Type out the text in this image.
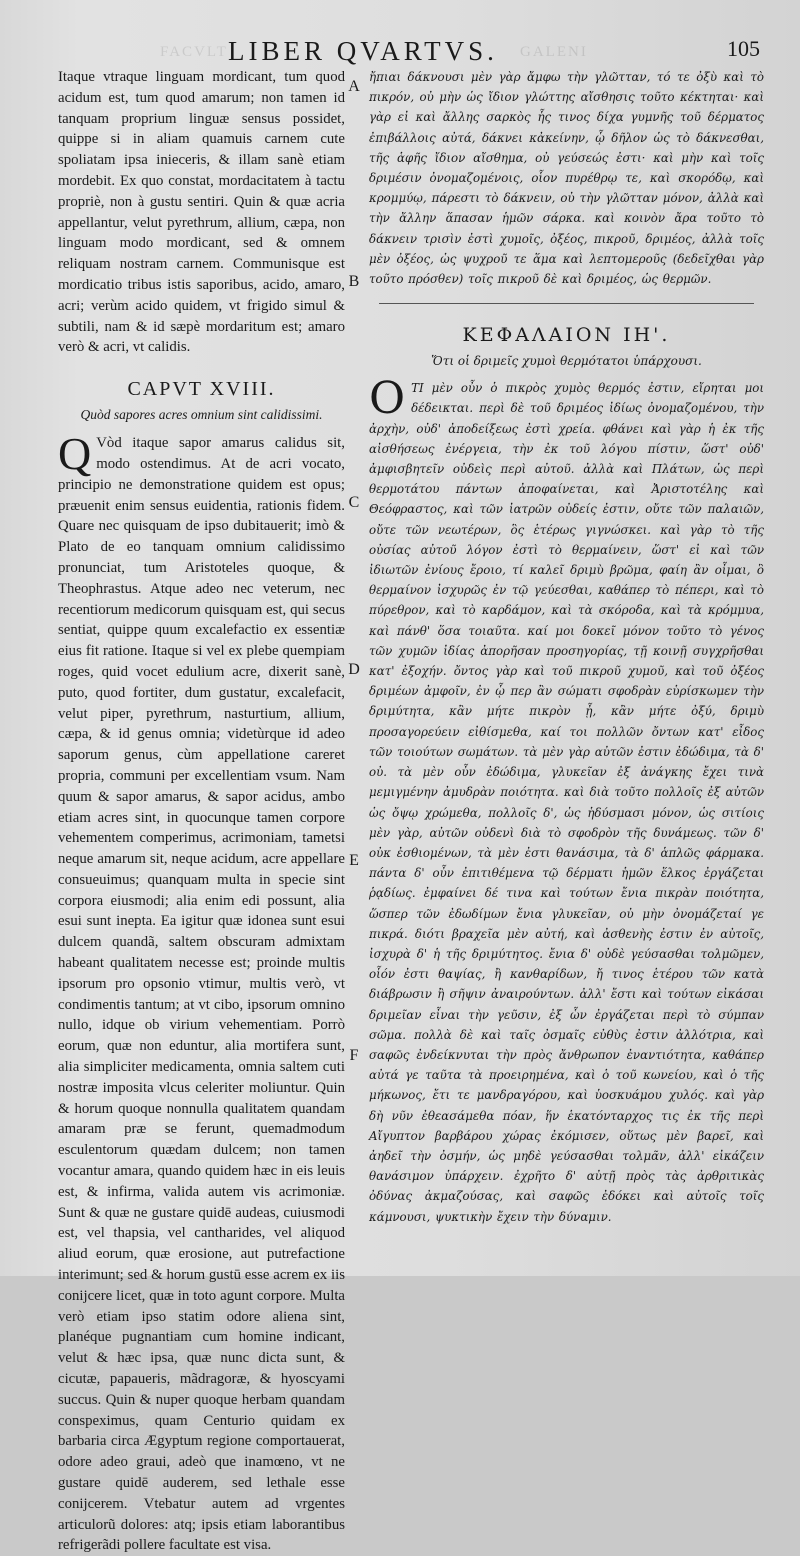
FACVLT	GALENI
LIBER QVARTVS.	105

Itaque vtraque linguam mordicant, tum quod acidum est, tum quod amarum; non tamen id tanquam proprium linguæ sensus possidet, quippe si in aliam quamuis carnem cute spoliatam ipsa inieceris, & illam sanè etiam mordebit. Ex quo constat, mordacitatem à tactu propriè, non à gustu sentiri. Quin & quæ acria appellantur, velut pyrethrum, allium, cæpa, non linguam modo mordicant, sed & omnem reliquam nostram carnem. Communisque est mordicatio tribus istis saporibus, acido, amaro, acri; verùm acido quidem, vt frigido simul & subtili, nam & id sæpè mordaritum est; amaro verò & acri, vt calidis.

CAPVT XVIII.
Quòd sapores acres omnium sint calidissimi.
Q Vòd itaque sapor amarus calidus sit, modo ostendimus. At de acri vocato, principio ne demonstratione quidem est opus; præuenit enim sensus euidentia, rationis fidem. Quare nec quisquam de ipso dubitauerit; imò & Plato de eo tanquam omnium calidissimo pronunciat, tum Aristoteles quoque, & Theophrastus. Atque adeo nec veterum, nec recentiorum medicorum quisquam est, qui secus sentiat, quippe quum excalefactio ex essentiæ eius fit ratione. Itaque si vel ex plebe quempiam roges, quid vocet edulium acre, dixerit sanè, puto, quod fortiter, dum gustatur, excalefacit, velut piper, pyrethrum, nasturtium, allium, cæpa, & id genus omnia; videtùrque id adeo saporum genus, cùm appellatione careret propria, communi per excellentiam vsum. Nam quum & sapor amarus, & sapor acidus, ambo etiam acres sint, in quocunque tamen corpore vehementem comperimus, acrimoniam, tametsi neque amarum sit, neque acidum, acre appellare consueuimus; quanquam multa in specie sint corpora eiusmodi; alia enim edi possunt, alia esui sunt inepta. Ea igitur quæ idonea sunt esui dulcem quandã, saltem obscuram admixtam habeant qualitatem necesse est; proinde multis ipsorum pro opsonio vtimur, multis verò, vt condimentis tantum; at vt cibo, ipsorum omnino nullo, idque ob virium vehementiam. Porrò eorum, quæ non eduntur, alia mortifera sunt, alia simpliciter medicamenta, omnia saltem cuti nostræ imposita vlcus celeriter moliuntur. Quin & horum quoque nonnulla qualitatem quandam amaram præ se ferunt, quemadmodum esculentorum quædam dulcem; non tamen vocantur amara, quando quidem hæc in eis leuis est, & infirma, valida autem vis acrimoniæ. Sunt & quæ ne gustare quidē audeas, cuiusmodi est, vel thapsia, vel cantharides, vel aliquod aliud eorum, quæ erosione, aut putrefactione interimunt; sed & horum gustū esse acrem ex iis conijcere licet, quæ in toto agunt corpore. Multa verò etiam ipso statim odore aliena sint, planéque pugnantiam cum homine indicant, velut & hæc ipsa, quæ nunc dicta sunt, & cicutæ, papaueris, mãdragoræ, & hyoscyami succus. Quin & nuper quoque herbam quandam conspeximus, quam Centurio quidam ex barbaria circa Ægyptum regione comportauerat, odore adeo graui, adeò que inamœno, vt ne gustare quidē auderem, sed lethale esse conijcerem. Vtebatur autem ad vrgentes articulorũ dolores: atq; ipsis etiam laborantibus refrigerãdi pollere facultate est visa.

A
B
C
D
E
F

ἤπιαι δάκνουσι μὲν γὰρ ἄμφω τὴν γλῶτταν, τό τε ὀξὺ καὶ τὸ πικρόν, οὐ μὴν ὡς ἴδιον γλώττης αἴσθησις τοῦτο κέκτηται· καὶ γὰρ εἰ καὶ ἄλλης σαρκὸς ἧς τινος δίχα γυμνῆς τοῦ δέρματος ἐπιβάλλοις αὐτά, δάκνει κἀκείνην, ᾧ δῆλον ὡς τὸ δάκνεσθαι, τῆς ἁφῆς ἴδιον αἴσθημα, οὐ γεύσεώς ἐστι· καὶ μὴν καὶ τοῖς δριμέσιν ὀνομαζομένοις, οἷον πυρέθρῳ τε, καὶ σκορόδῳ, καὶ κρομμύῳ, πάρεστι τὸ δάκνειν, οὐ τὴν γλῶτταν μόνον, ἀλλὰ καὶ τὴν ἄλλην ἅπασαν ἡμῶν σάρκα. καὶ κοινὸν ἄρα τοῦτο τὸ δάκνειν τρισὶν ἐστὶ χυμοῖς, ὀξέος, πικροῦ, δριμέος, ἀλλὰ τοῖς μὲν ὀξέος, ὡς ψυχροῦ τε ἅμα καὶ λεπτομεροῦς (δεδεῖχθαι γὰρ τοῦτο πρόσθεν) τοῖς πικροῦ δὲ καὶ δριμέος, ὡς θερμῶν.

ΚΕΦΑΛΑΙΟΝ ΙΗ'.
Ὅτι οἱ δριμεῖς χυμοὶ θερμότατοι ὑπάρχουσι.
Ο ΤΙ μὲν οὖν ὁ πικρὸς χυμὸς θερμός ἐστιν, εἴρηται μοι δέδεικται. περὶ δὲ τοῦ δριμέος ἰδίως ὀνομαζομένου, τὴν ἀρχὴν, οὐδ' ἀποδείξεως ἐστὶ χρεία. φθάνει καὶ γὰρ ἡ ἐκ τῆς αἰσθήσεως ἐνέργεια, τὴν ἐκ τοῦ λόγου πίστιν, ὥστ' οὐδ' ἀμφισβητεῖν οὐδεὶς περὶ αὐτοῦ. ἀλλὰ καὶ Πλάτων, ὡς περὶ θερμοτάτου πάντων ἀποφαίνεται, καὶ Ἀριστοτέλης καὶ Θεόφραστος, καὶ τῶν ἰατρῶν οὐδείς ἐστιν, οὔτε τῶν παλαιῶν, οὔτε τῶν νεωτέρων, ὃς ἑτέρως γιγνώσκει. καὶ γὰρ τὸ τῆς οὐσίας αὐτοῦ λόγον ἐστὶ τὸ θερμαίνειν, ὥστ' εἰ καὶ τῶν ἰδιωτῶν ἐνίους ἔροιο, τί καλεῖ δριμὺ βρῶμα, φαίη ἂν οἶμαι, ὃ θερμαίνον ἰσχυρῶς ἐν τῷ γεύεσθαι, καθάπερ τὸ πέπερι, καὶ τὸ πύρεθρον, καὶ τὸ καρδάμον, καὶ τὰ σκόροδα, καὶ τὰ κρόμμυα, καὶ πάνθ' ὅσα τοιαῦτα. καί μοι δοκεῖ μόνον τοῦτο τὸ γένος τῶν χυμῶν ἰδίας ἀπορῆσαν προσηγορίας, τῇ κοινῇ συγχρῆσθαι κατ' ἐξοχήν. ὄντος γὰρ καὶ τοῦ πικροῦ χυμοῦ, καὶ τοῦ ὀξέος δριμέων ἀμφοῖν, ἐν ᾧ περ ἂν σώματι σφοδρὰν εὑρίσκωμεν τὴν δριμύτητα, κἂν μήτε πικρὸν ᾖ, κἂν μήτε ὀξύ, δριμὺ προσαγορεύειν εἰθίσμεθα, καί τοι πολλῶν ὄντων κατ' εἶδος τῶν τοιούτων σωμάτων. τὰ μὲν γὰρ αὐτῶν ἐστιν ἐδώδιμα, τὰ δ' οὐ. τὰ μὲν οὖν ἐδώδιμα, γλυκεῖαν ἐξ ἀνάγκης ἔχει τινὰ μεμιγμένην ἀμυδρὰν ποιότητα. καὶ διὰ τοῦτο πολλοῖς ἐξ αὐτῶν ὡς ὄψῳ χρώμεθα, πολλοῖς δ', ὡς ἡδύσμασι μόνον, ὡς σιτίοις μὲν γὰρ, αὐτῶν οὐδενὶ διὰ τὸ σφοδρὸν τῆς δυνάμεως. τῶν δ' οὐκ ἐσθιομένων, τὰ μὲν ἐστι θανάσιμα, τὰ δ' ἁπλῶς φάρμακα. πάντα δ' οὖν ἐπιτιθέμενα τῷ δέρματι ἡμῶν ἕλκος ἐργάζεται ῥᾳδίως. ἐμφαίνει δέ τινα καὶ τούτων ἔνια πικρὰν ποιότητα, ὥσπερ τῶν ἐδωδίμων ἔνια γλυκεῖαν, οὐ μὴν ὀνομάζεταί γε πικρά. διότι βραχεῖα μὲν αὐτή, καὶ ἀσθενὴς ἐστιν ἐν αὐτοῖς, ἰσχυρὰ δ' ἡ τῆς δριμύτητος. ἔνια δ' οὐδὲ γεύσασθαι τολμῶμεν, οἷόν ἐστι θαψίας, ἢ κανθαρίδων, ἤ τινος ἑτέρου τῶν κατὰ διάβρωσιν ἢ σῆψιν ἀναιρούντων. ἀλλ' ἔστι καὶ τούτων εἰκάσαι δριμεῖαν εἶναι τὴν γεῦσιν, ἐξ ὧν ἐργάζεται περὶ τὸ σύμπαν σῶμα. πολλὰ δὲ καὶ ταῖς ὀσμαῖς εὐθὺς ἐστιν ἀλλότρια, καὶ σαφῶς ἐνδείκνυται τὴν πρὸς ἄνθρωπον ἐναντιότητα, καθάπερ αὐτά γε ταῦτα τὰ προειρημένα, καὶ ὁ τοῦ κωνείου, καὶ ὁ τῆς μήκωνος, ἔτι τε μανδραγόρου, καὶ ὑοσκυάμου χυλός. καὶ γὰρ δὴ νῦν ἐθεασάμεθα πόαν, ἥν ἑκατόνταρχος τις ἐκ τῆς περὶ Αἴγυπτον βαρβάρου χώρας ἐκόμισεν, οὕτως μὲν βαρεῖ, καὶ ἀηδεῖ τὴν ὀσμήν, ὡς μηδὲ γεύσασθαι τολμᾶν, ἀλλ' εἰκάζειν θανάσιμον ὑπάρχειν. ἐχρῆτο δ' αὐτῇ πρὸς τὰς ἀρθριτικὰς ὀδύνας ἀκμαζούσας, καὶ σαφῶς ἐδόκει καὶ αὐτοῖς τοῖς κάμνουσι, ψυκτικὴν ἔχειν τὴν δύναμιν.
